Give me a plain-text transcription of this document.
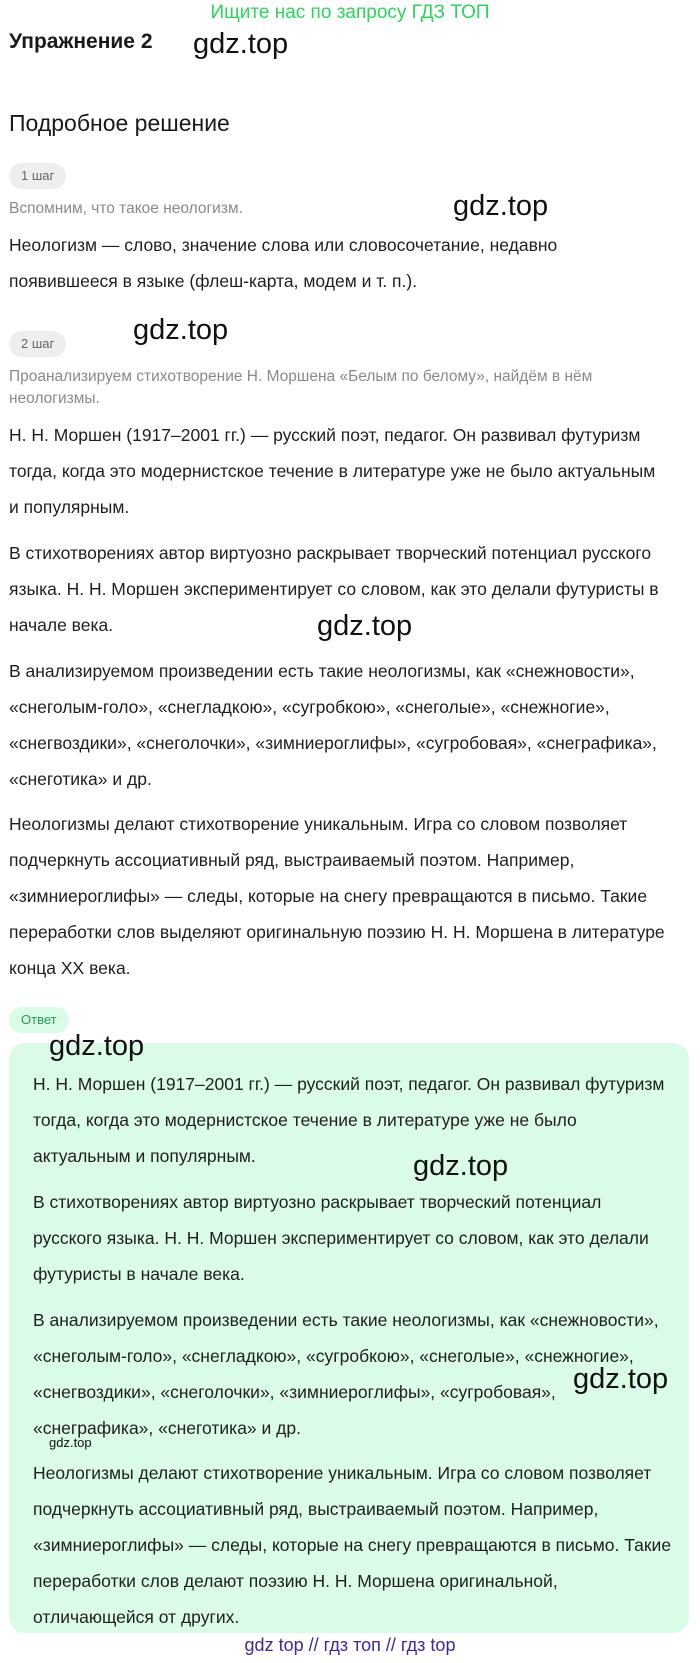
Ищите нас по запросу ГДЗ ТОП
Упражнение 2 gdz.top
Подробное решение
1 шаг
Вспомним, что такое неологизм.	gdz.top

Неологизм — слово, значение слова или словосочетание, недавно появившееся в языке (флеш-карта, модем и т. п.).

2 шаг	gdz.top
Проанализируем стихотворение Н. Моршена «Белым по белому», найдём в нём неологизмы.

Н. Н. Моршен (1917–2001 гг.) — русский поэт, педагог. Он развивал футуризм тогда, когда это модернистское течение в литературе уже не было актуальным и популярным.

В стихотворениях автор виртуозно раскрывает творческий потенциал русского языка. Н. Н. Моршен экспериментирует со словом, как это делали футуристы в начале века.	gdz.top

В анализируемом произведении есть такие неологизмы, как «снежновости», «снеголым-голо», «снегладкою», «сугробкою», «снеголые», «снежногие», «снегвоздики», «снеголочки», «зимниероглифы», «сугробовая», «снеграфика», «снеготика» и др.

Неологизмы делают стихотворение уникальным. Игра со словом позволяет подчеркнуть ассоциативный ряд, выстраиваемый поэтом. Например, «зимниероглифы» — следы, которые на снегу превращаются в письмо. Такие переработки слов выделяют оригинальную поэзию Н. Н. Моршена в литературе конца XX века.

Ответ
gdz.top

Н. Н. Моршен (1917–2001 гг.) — русский поэт, педагог. Он развивал футуризм тогда, когда это модернистское течение в литературе уже не было актуальным и популярным.	gdz.top

В стихотворениях автор виртуозно раскрывает творческий потенциал русского языка. Н. Н. Моршен экспериментирует со словом, как это делали футуристы в начале века.

В анализируемом произведении есть такие неологизмы, как «снежновости», «снеголым-голо», «снегладкою», «сугробкою», «снеголые», «снежногие», «снегвоздики», «снеголочки», «зимниероглифы», «сугробовая», «снеграфика», «снеготика» и др.

gdz.top
gdz.top

Неологизмы делают стихотворение уникальным. Игра со словом позволяет подчеркнуть ассоциативный ряд, выстраиваемый поэтом. Например, «зимниероглифы» — следы, которые на снегу превращаются в письмо. Такие переработки слов делают поэзию Н. Н. Моршена оригинальной, отличающейся от других.

gdz top // гдз топ // гдз top
